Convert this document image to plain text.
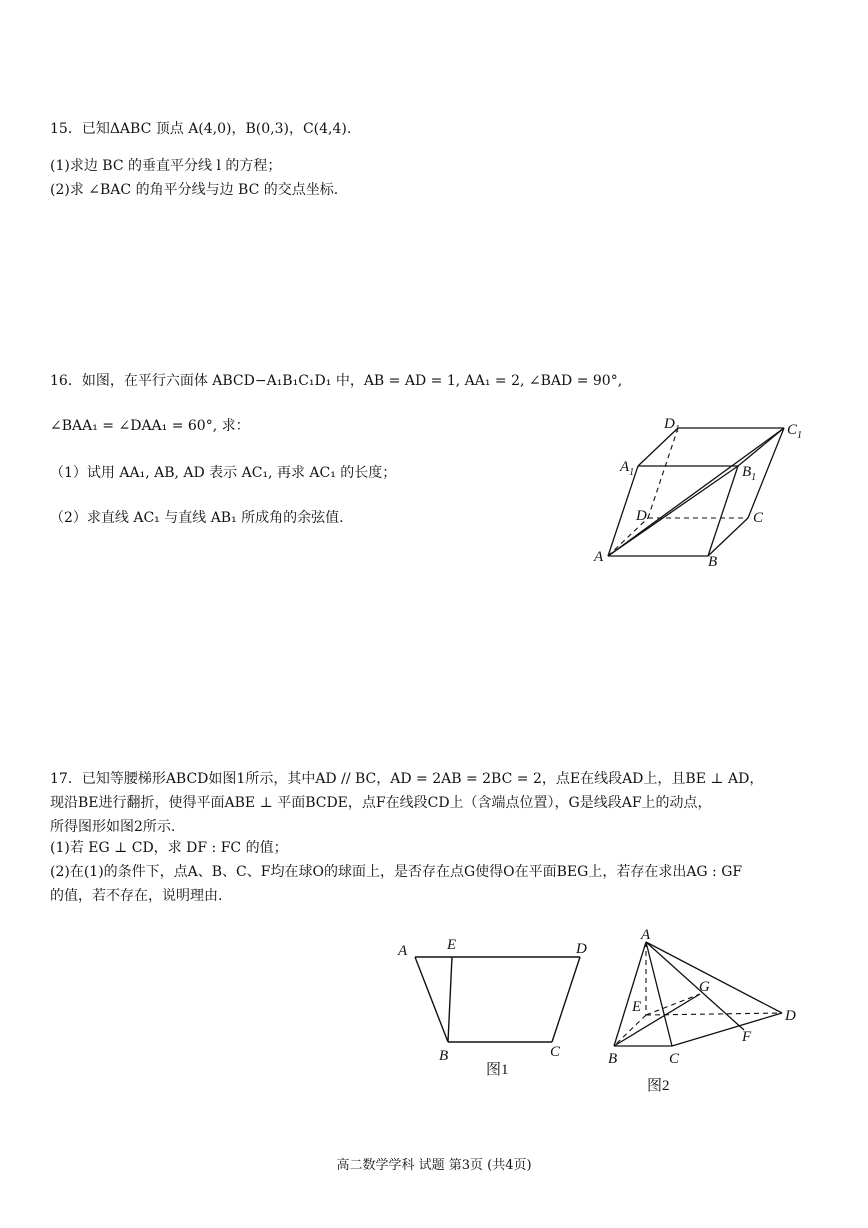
15．已知ΔABC 顶点 A(4,0)，B(0,3)，C(4,4).
(1)求边 BC 的垂直平分线 l 的方程；
(2)求 ∠BAC 的角平分线与边 BC 的交点坐标.
16．如图，在平行六面体 ABCD−A₁B₁C₁D₁ 中，AB = AD = 1, AA₁ = 2, ∠BAD = 90°,
∠BAA₁ = ∠DAA₁ = 60°, 求：
（1）试用 AA₁, AB, AD 表示 AC₁, 再求 AC₁ 的长度；
（2）求直线 AC₁ 与直线 AB₁ 所成角的余弦值.
$D_1$	$C_1$
$A_1$	$B_1$
D	C
A	B
17．已知等腰梯形ABCD如图1所示，其中AD // BC，AD = 2AB = 2BC = 2，点E在线段AD上，且BE ⊥ AD，
现沿BE进行翻折，使得平面ABE ⊥ 平面BCDE，点F在线段CD上（含端点位置），G是线段AF上的动点，
所得图形如图2所示.
(1)若 EG ⊥ CD，求 DF : FC 的值；
(2)在(1)的条件下，点A、B、C、F均在球O的球面上，是否存在点G使得O在平面BEG上，若存在求出AG : GF
的值，若不存在，说明理由.
A	E	D
B	C
图1
A
G
E
D
F
B	C
图2
高二数学学科 试题 第3页 (共4页)
